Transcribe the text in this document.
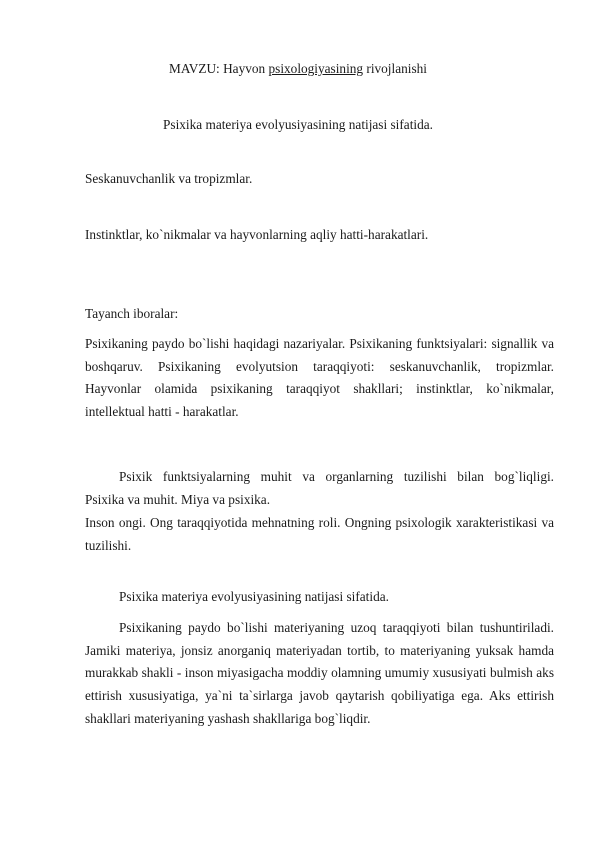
MAVZU: Hayvon psixologiyasining rivojlanishi
Psixika materiya evolyusiyasining natijasi sifatida.
Seskanuvchanlik va tropizmlar.
Instinktlar, ko`nikmalar va hayvonlarning aqliy hatti-harakatlari.
Tayanch iboralar:
Psixikaning paydo bo`lishi haqidagi nazariyalar. Psixikaning funktsiyalari: signallik va boshqaruv. Psixikaning evolyutsion taraqqiyoti: seskanuvchanlik, tropizmlar. Hayvonlar olamida psixikaning taraqqiyot shakllari; instinktlar, ko`nikmalar, intellektual hatti - harakatlar.
Psixik funktsiyalarning muhit va organlarning tuzilishi bilan bog`liqligi.
Psixika va muhit. Miya va psixika.
Inson ongi. Ong taraqqiyotida mehnatning roli. Ongning psixologik xarakteristikasi va tuzilishi.
Psixika materiya evolyusiyasining natijasi sifatida.
Psixikaning paydo bo`lishi materiyaning uzoq taraqqiyoti bilan tushuntiriladi. Jamiki materiya, jonsiz anorganiq materiyadan tortib, to materiyaning yuksak hamda murakkab shakli - inson miyasigacha moddiy olamning umumiy xususiyati bulmish aks ettirish xususiyatiga, ya`ni ta`sirlarga javob qaytarish qobiliyatiga ega. Aks ettirish shakllari materiyaning yashash shakllariga bog`liqdir.
